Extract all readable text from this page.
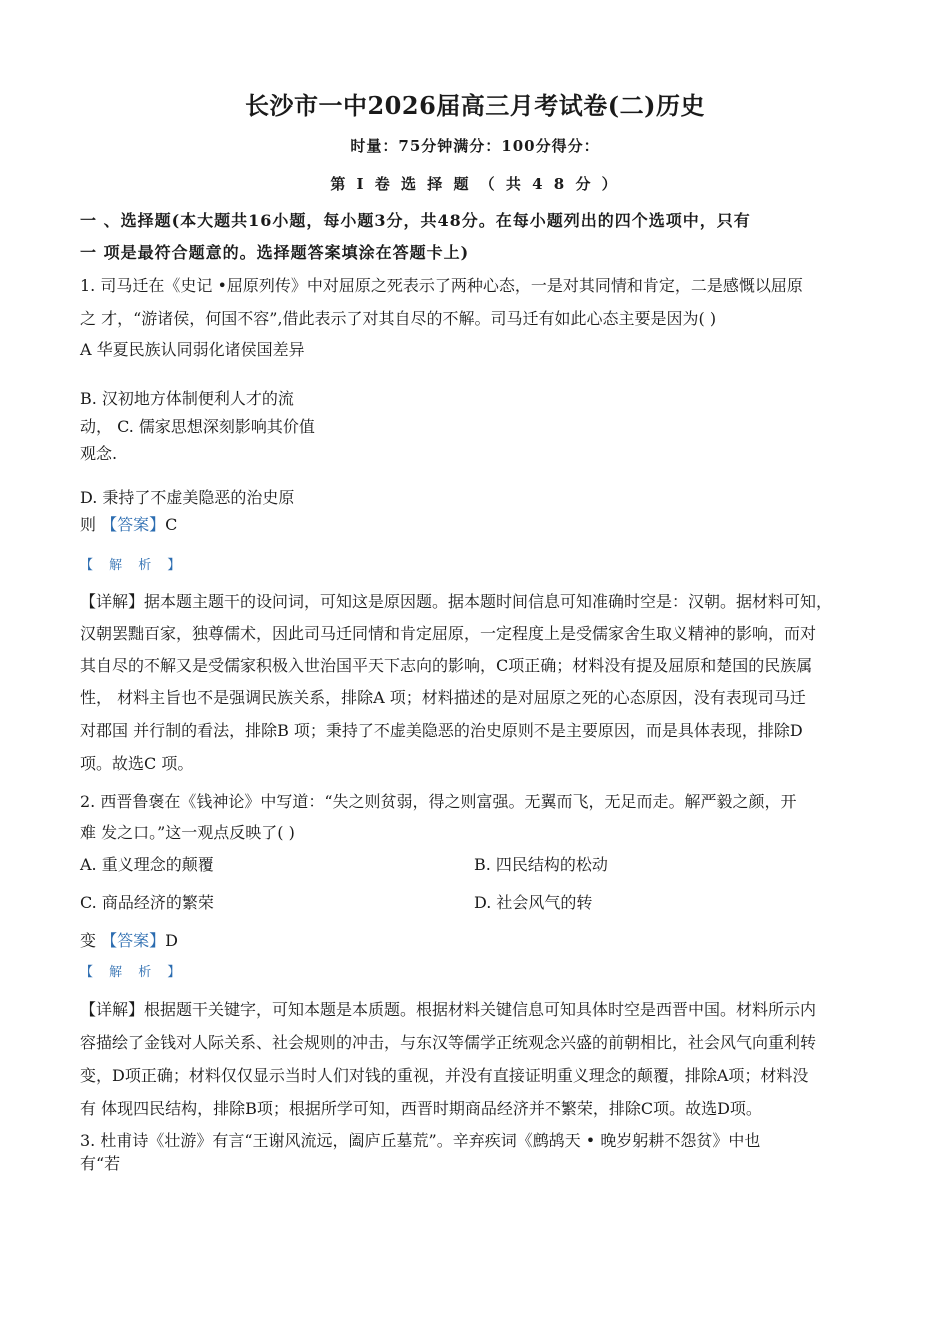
长沙市一中2026届高三月考试卷(二)历史
时量：75分钟满分：100分得分：
第 I 卷 选 择 题 （ 共 4 8 分 ）
一 、选择题(本大题共16小题，每小题3分，共48分。在每小题列出的四个选项中，只有
一 项是最符合题意的。选择题答案填涂在答题卡上)
1. 司马迁在《史记 •屈原列传》中对屈原之死表示了两种心态，一是对其同情和肯定，二是感慨以屈原
之 才，“游诸侯，何国不容”,借此表示了对其自尽的不解。司马迁有如此心态主要是因为( )
A 华夏民族认同弱化诸侯国差异
B. 汉初地方体制便利人才的流
动， C. 儒家思想深刻影响其价值
观念.
D. 秉持了不虚美隐恶的治史原
则 【答案】C
【 解 析 】
【详解】据本题主题干的设问词，可知这是原因题。据本题时间信息可知准确时空是：汉朝。据材料可知，
汉朝罢黜百家，独尊儒术，因此司马迁同情和肯定屈原，一定程度上是受儒家舍生取义精神的影响，而对
其自尽的不解又是受儒家积极入世治国平天下志向的影响，C项正确；材料没有提及屈原和楚国的民族属
性， 材料主旨也不是强调民族关系，排除A 项；材料描述的是对屈原之死的心态原因，没有表现司马迁
对郡国 并行制的看法，排除B 项；秉持了不虚美隐恶的治史原则不是主要原因，而是具体表现，排除D
项。故选C 项。
2. 西晋鲁褒在《钱神论》中写道：“失之则贫弱，得之则富强。无翼而飞，无足而走。解严毅之颜，开
难 发之口。”这一观点反映了( )
A. 重义理念的颠覆	B. 四民结构的松动
C. 商品经济的繁荣	D. 社会风气的转
变 【答案】D
【 解 析 】
【详解】根据题干关键字，可知本题是本质题。根据材料关键信息可知具体时空是西晋中国。材料所示内
容描绘了金钱对人际关系、社会规则的冲击，与东汉等儒学正统观念兴盛的前朝相比，社会风气向重利转
变，D项正确；材料仅仅显示当时人们对钱的重视，并没有直接证明重义理念的颠覆，排除A项；材料没
有 体现四民结构，排除B项；根据所学可知，西晋时期商品经济并不繁荣，排除C项。故选D项。
3. 杜甫诗《壮游》有言“王谢风流远，阖庐丘墓荒”。辛弃疾词《鹧鸪天 • 晚岁躬耕不怨贫》中也
有“若
